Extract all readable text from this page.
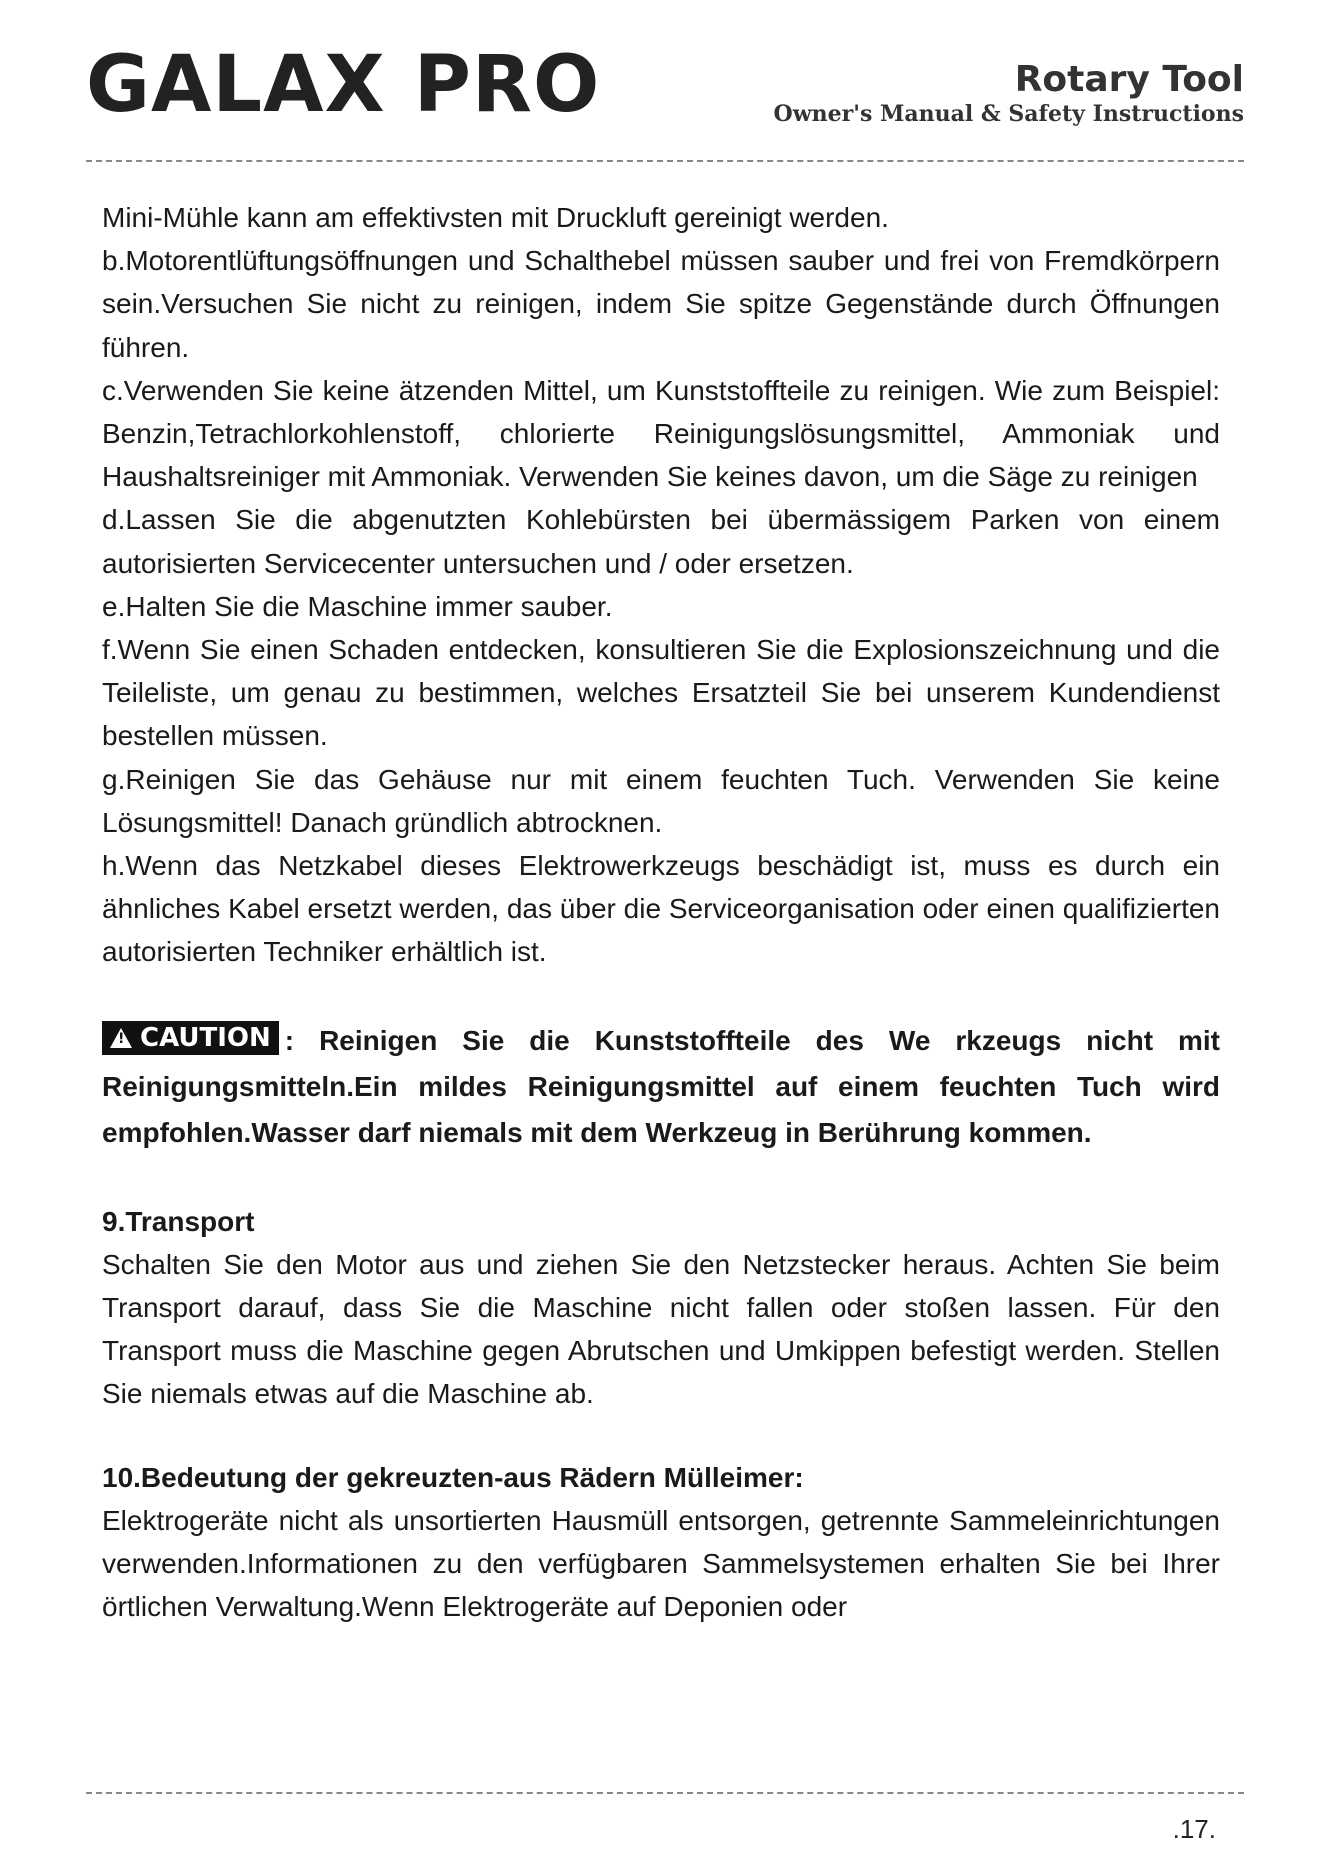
GALAX PRO	Rotary Tool
Owner's Manual & Safety Instructions

Mini-Mühle kann am effektivsten mit Druckluft gereinigt werden.

b.Motorentlüftungsöffnungen und Schalthebel müssen sauber und frei von Fremdkörpern sein.Versuchen Sie nicht zu reinigen, indem Sie spitze Gegenstände durch Öffnungen führen.

c.Verwenden Sie keine ätzenden Mittel, um Kunststoffteile zu reinigen. Wie zum Beispiel: Benzin,Tetrachlorkohlenstoff, chlorierte Reinigungslösungsmittel, Ammoniak und Haushaltsreiniger mit Ammoniak. Verwenden Sie keines davon, um die Säge zu reinigen

d.Lassen Sie die abgenutzten Kohlebürsten bei übermässigem Parken von einem autorisierten Servicecenter untersuchen und / oder ersetzen.

e.Halten Sie die Maschine immer sauber.

f.Wenn Sie einen Schaden entdecken, konsultieren Sie die Explosionszeichnung und die Teileliste, um genau zu bestimmen, welches Ersatzteil Sie bei unserem Kundendienst bestellen müssen.

g.Reinigen Sie das Gehäuse nur mit einem feuchten Tuch. Verwenden Sie keine Lösungsmittel! Danach gründlich abtrocknen.

h.Wenn das Netzkabel dieses Elektrowerkzeugs beschädigt ist, muss es durch ein ähnliches Kabel ersetzt werden, das über die Serviceorganisation oder einen qualifizierten autorisierten Techniker erhältlich ist.

!
CAUTION : Reinigen Sie die Kunststoffteile des We rkzeugs nicht mit Reinigungsmitteln.Ein mildes Reinigungsmittel auf einem feuchten Tuch wird empfohlen.Wasser darf niemals mit dem Werkzeug in Berührung kommen.

9.Transport

Schalten Sie den Motor aus und ziehen Sie den Netzstecker heraus. Achten Sie beim Transport darauf, dass Sie die Maschine nicht fallen oder stoßen lassen. Für den Transport muss die Maschine gegen Abrutschen und Umkippen befestigt werden. Stellen Sie niemals etwas auf die Maschine ab.

10.Bedeutung der gekreuzten-aus Rädern Mülleimer:

Elektrogeräte nicht als unsortierten Hausmüll entsorgen, getrennte Sammeleinrichtungen verwenden.Informationen zu den verfügbaren Sammelsystemen erhalten Sie bei Ihrer örtlichen Verwaltung.Wenn Elektrogeräte auf Deponien oder

.17.
